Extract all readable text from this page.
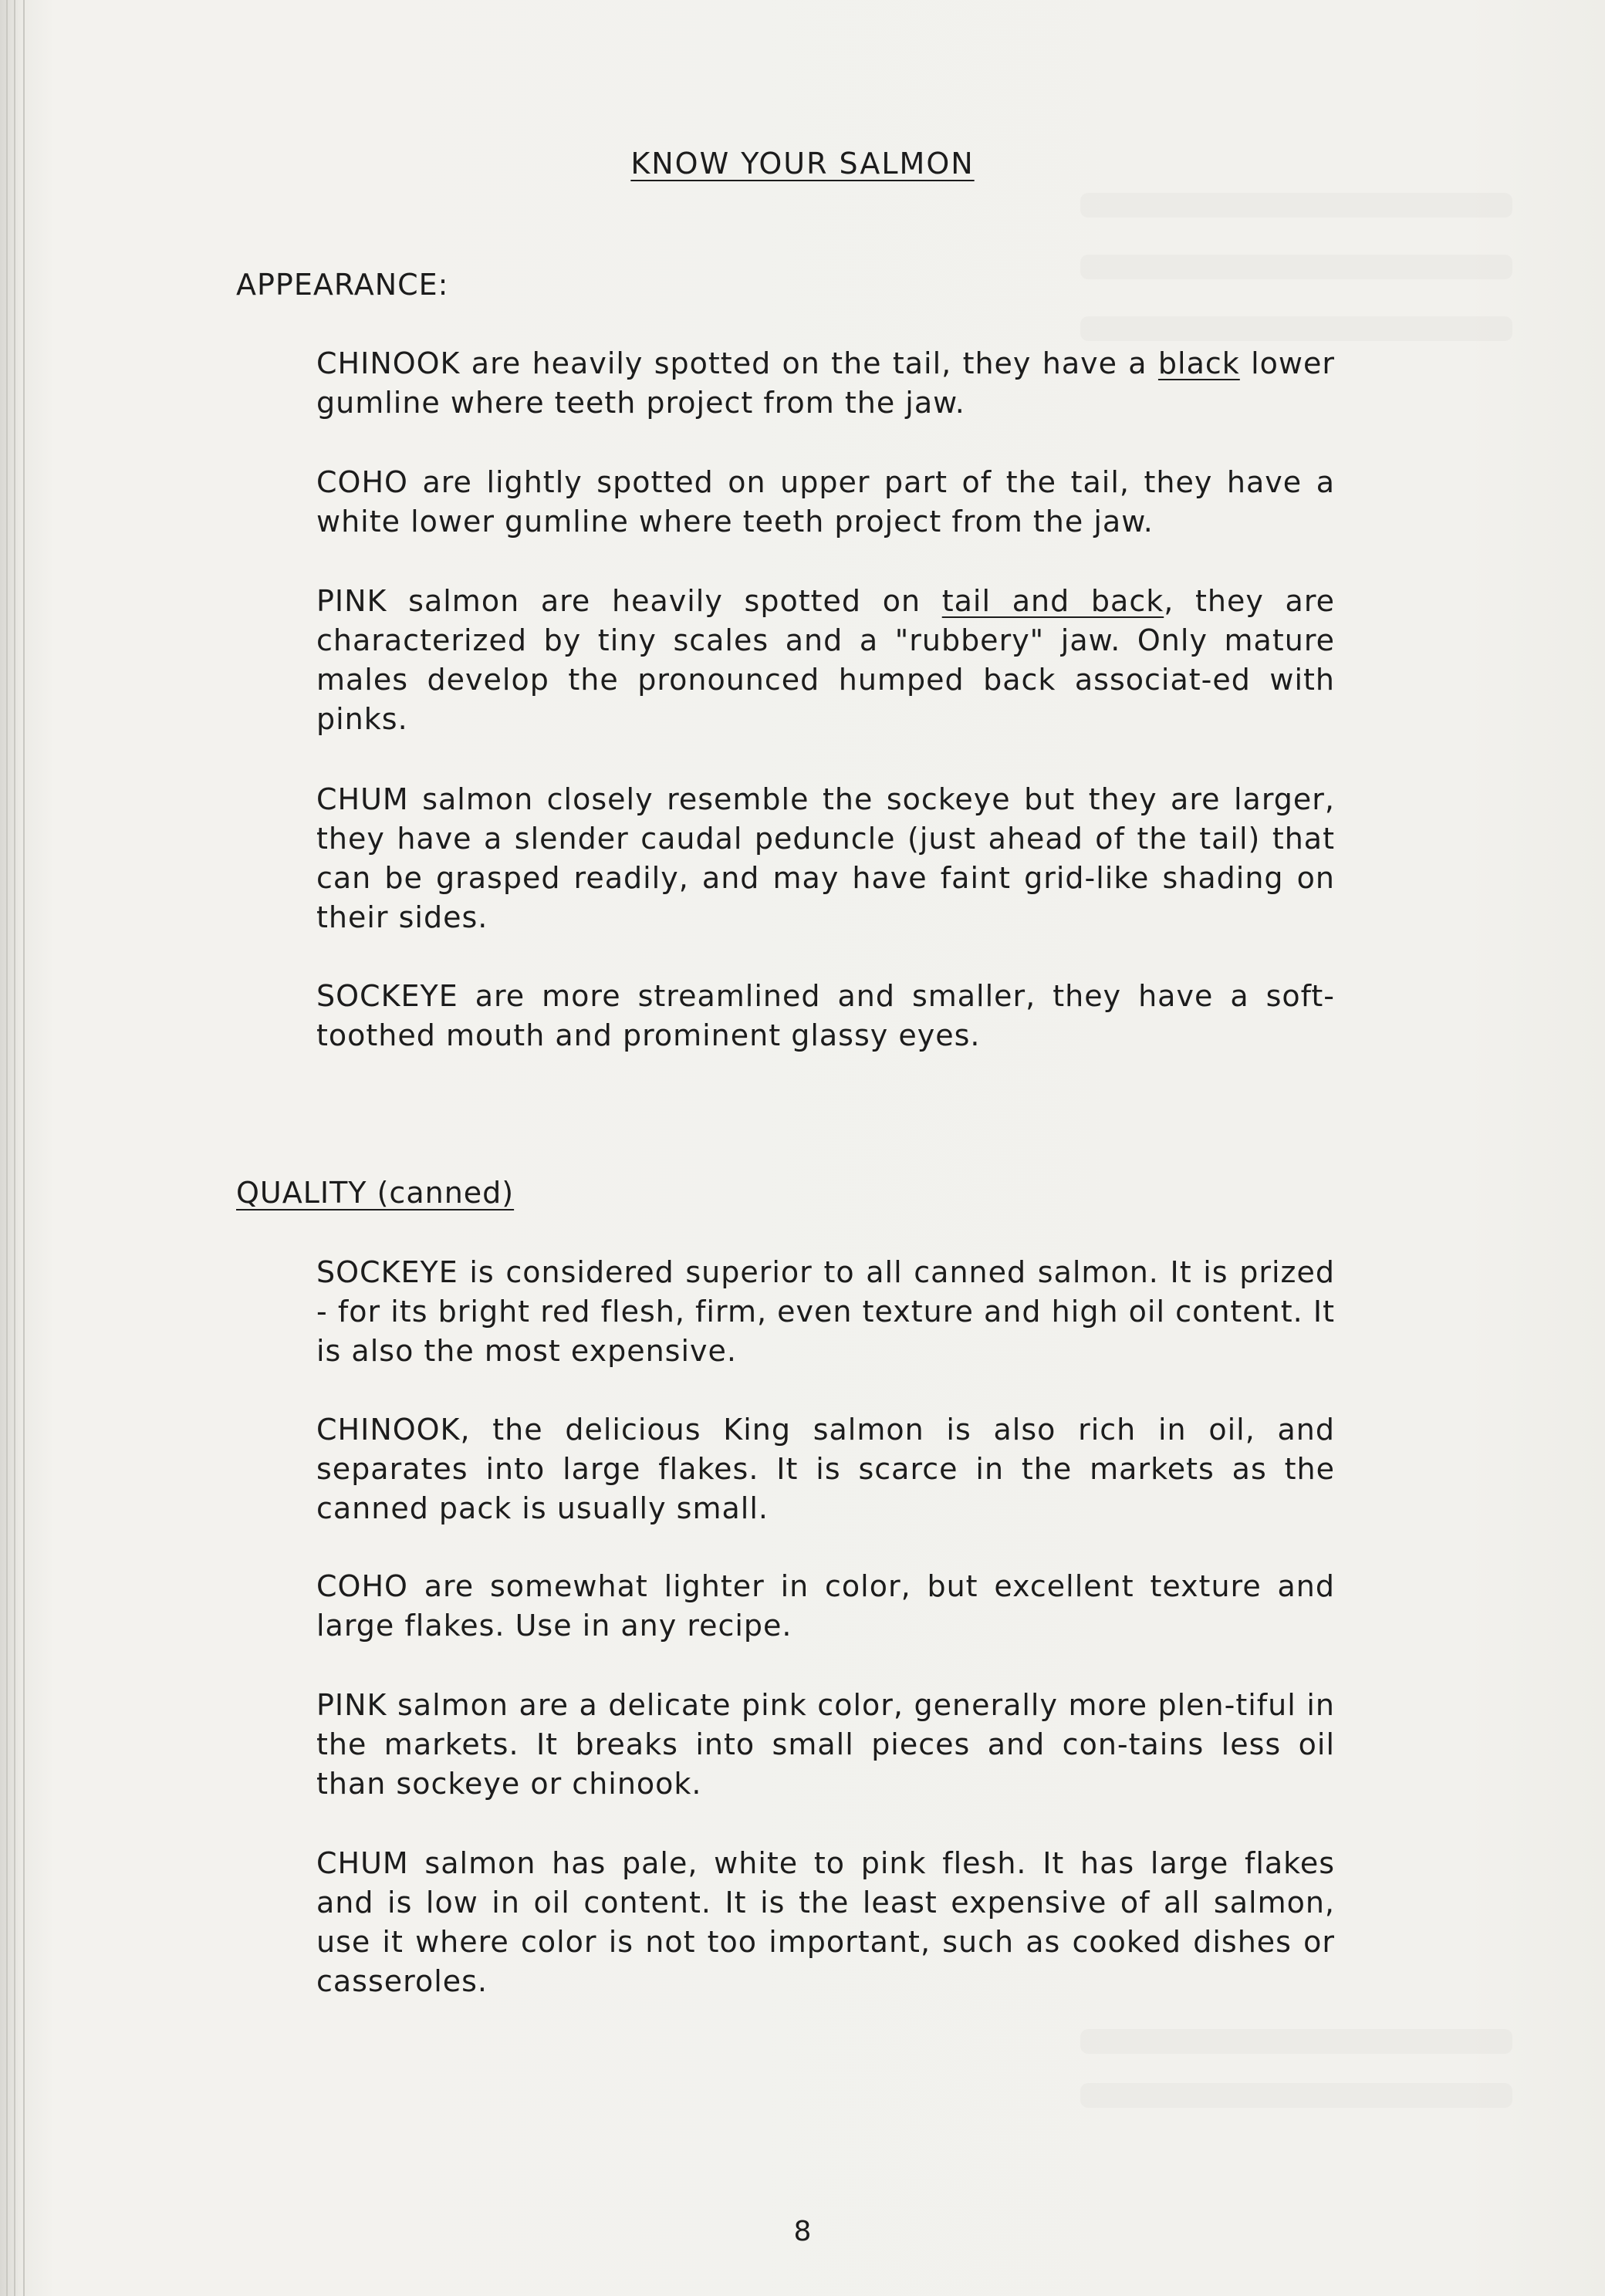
KNOW YOUR SALMON
APPEARANCE:
CHINOOK are heavily spotted on the tail, they have a black lower gumline where teeth project from the jaw.
COHO are lightly spotted on upper part of the tail, they have a white lower gumline where teeth project from the jaw.
PINK salmon are heavily spotted on tail and back, they are characterized by tiny scales and a "rubbery" jaw. Only mature males develop the pronounced humped back associat-ed with pinks.
CHUM salmon closely resemble the sockeye but they are larger, they have a slender caudal peduncle (just ahead of the tail) that can be grasped readily, and may have faint grid-like shading on their sides.
SOCKEYE are more streamlined and smaller, they have a soft-toothed mouth and prominent glassy eyes.
QUALITY (canned)
SOCKEYE is considered superior to all canned salmon. It is prized - for its bright red flesh, firm, even texture and high oil content. It is also the most expensive.
CHINOOK, the delicious King salmon is also rich in oil, and separates into large flakes. It is scarce in the markets as the canned pack is usually small.
COHO are somewhat lighter in color, but excellent texture and large flakes. Use in any recipe.
PINK salmon are a delicate pink color, generally more plen-tiful in the markets. It breaks into small pieces and con-tains less oil than sockeye or chinook.
CHUM salmon has pale, white to pink flesh. It has large flakes and is low in oil content. It is the least expensive of all salmon, use it where color is not too important, such as cooked dishes or casseroles.
8
